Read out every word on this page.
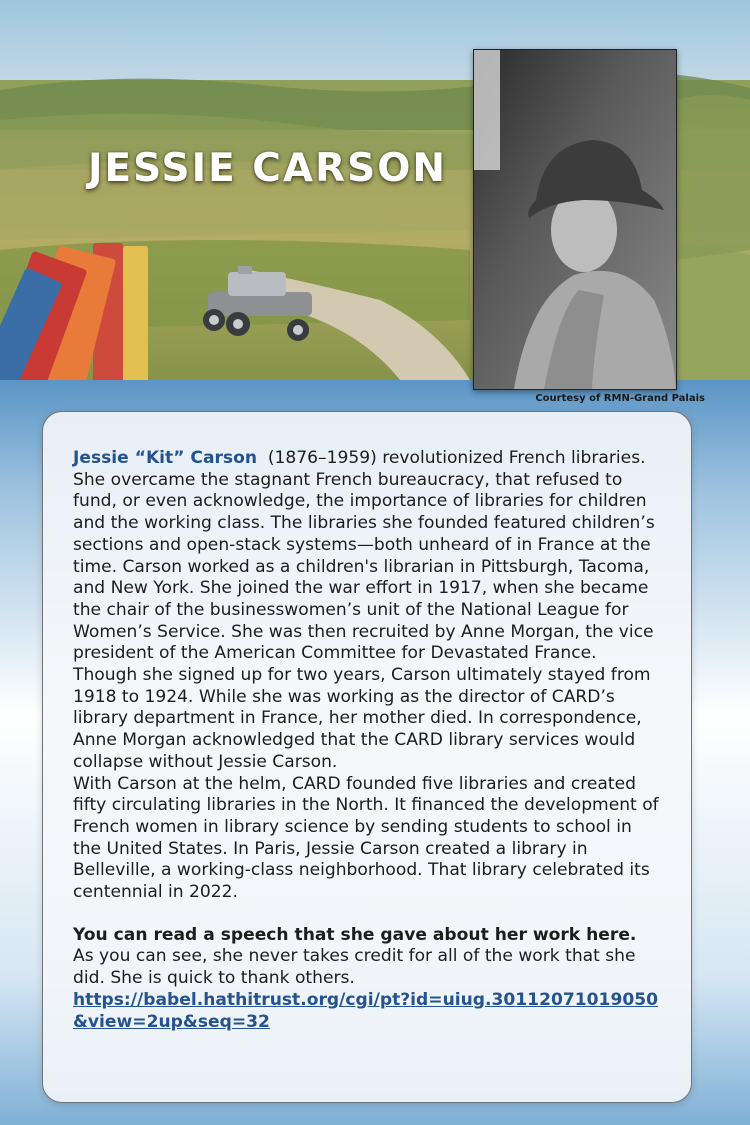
JESSIE CARSON
Courtesy of RMN-Grand Palais

Jessie “Kit” Carson (1876–1959) revolutionized French libraries. She overcame the stagnant French bureaucracy, that refused to fund, or even acknowledge, the importance of libraries for children and the working class. The libraries she founded featured children’s sections and open-stack systems—both unheard of in France at the time. Carson worked as a children's librarian in Pittsburgh, Tacoma, and New York. She joined the war effort in 1917, when she became the chair of the businesswomen’s unit of the National League for Women’s Service. She was then recruited by Anne Morgan, the vice president of the American Committee for Devastated France. Though she signed up for two years, Carson ultimately stayed from 1918 to 1924. While she was working as the director of CARD’s library department in France, her mother died. In correspondence, Anne Morgan acknowledged that the CARD library services would collapse without Jessie Carson.

With Carson at the helm, CARD founded five libraries and created fifty circulating libraries in the North. It financed the development of French women in library science by sending students to school in the United States. In Paris, Jessie Carson created a library in Belleville, a working-class neighborhood. That library celebrated its centennial in 2022.

You can read a speech that she gave about her work here.

As you can see, she never takes credit for all of the work that she did. She is quick to thank others.

https://babel.hathitrust.org/cgi/pt?id=uiug.30112071019050&view=2up&seq=32
